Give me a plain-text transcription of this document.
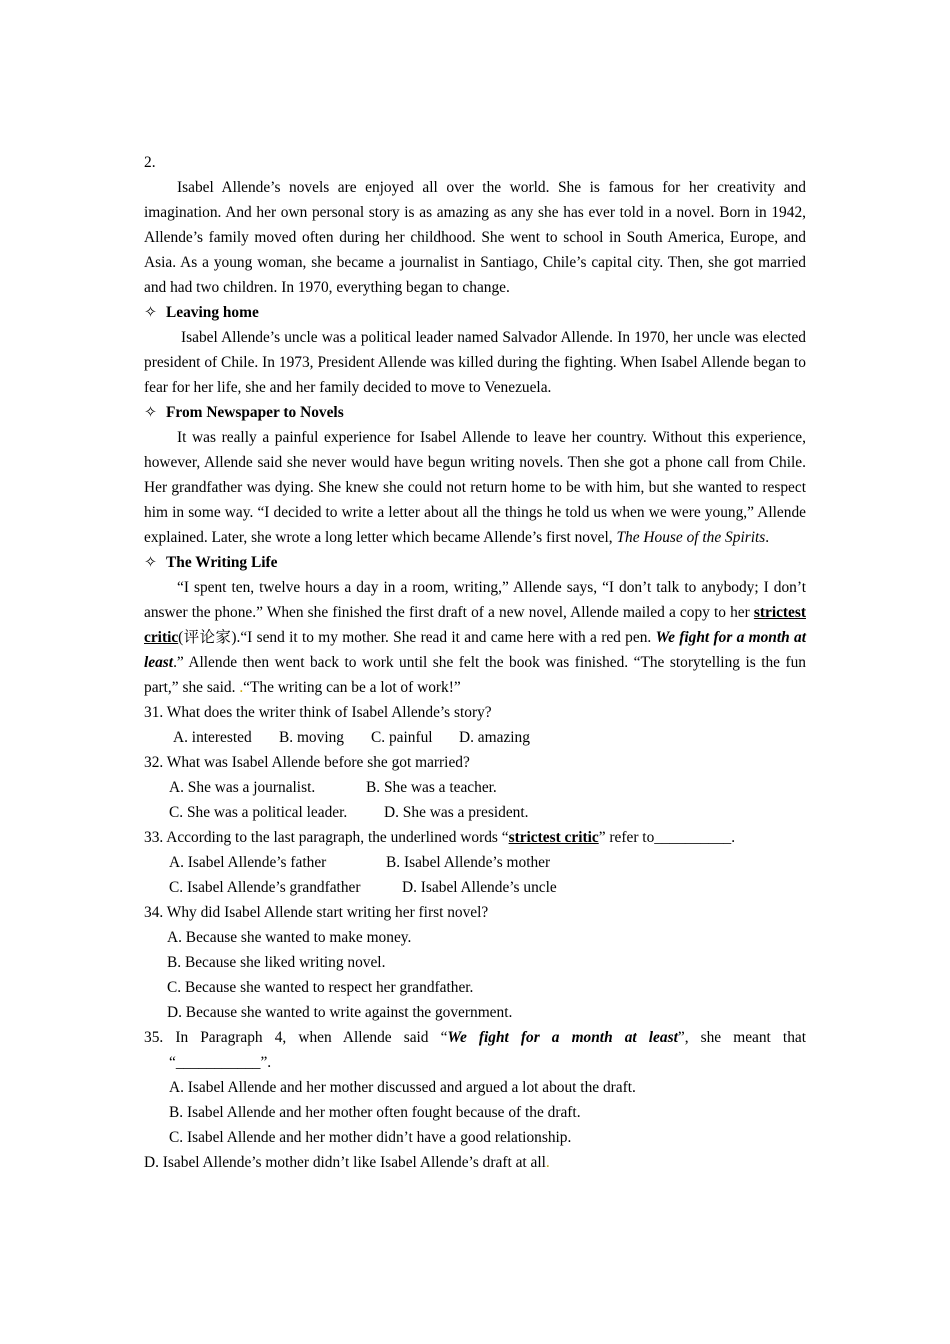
2.

Isabel Allende’s novels are enjoyed all over the world. She is famous for her creativity and imagination. And her own personal story is as amazing as any she has ever told in a novel. Born in 1942, Allende’s family moved often during her childhood. She went to school in South America, Europe, and Asia. As a young woman, she became a journalist in Santiago, Chile’s capital city. Then, she got married and had two children. In 1970, everything began to change.

✧ Leaving home

Isabel Allende’s uncle was a political leader named Salvador Allende. In 1970, her uncle was elected president of Chile. In 1973, President Allende was killed during the fighting. When Isabel Allende began to fear for her life, she and her family decided to move to Venezuela.

✧ From Newspaper to Novels

It was really a painful experience for Isabel Allende to leave her country. Without this experience, however, Allende said she never would have begun writing novels. Then she got a phone call from Chile. Her grandfather was dying. She knew she could not return home to be with him, but she wanted to respect him in some way. “I decided to write a letter about all the things he told us when we were young,” Allende explained. Later, she wrote a long letter which became Allende’s first novel, The House of the Spirits.

✧ The Writing Life

“I spent ten, twelve hours a day in a room, writing,” Allende says, “I don’t talk to anybody; I don’t answer the phone.” When she finished the first draft of a new novel, Allende mailed a copy to her strictest critic(评论家).“I send it to my mother. She read it and came here with a red pen. We fight for a month at least.” Allende then went back to work until she felt the book was finished. “The storytelling is the fun part,” she said. .“The writing can be a lot of work!”

31. What does the writer think of Isabel Allende’s story?

A. interested B. moving C. painful D. amazing

32. What was Isabel Allende before she got married?

A. She was a journalist.	B. She was a teacher.

C. She was a political leader. D. She was a president.

33. According to the last paragraph, the underlined words “strictest critic” refer to__________.

A. Isabel Allende’s father	B. Isabel Allende’s mother

C. Isabel Allende’s grandfather	D. Isabel Allende’s uncle

34. Why did Isabel Allende start writing her first novel?

A. Because she wanted to make money.

B. Because she liked writing novel.

C. Because she wanted to respect her grandfather.

D. Because she wanted to write against the government.

35. In Paragraph 4, when Allende said “We fight for a month at least”, she meant that

“___________”.

A. Isabel Allende and her mother discussed and argued a lot about the draft.

B. Isabel Allende and her mother often fought because of the draft.

C. Isabel Allende and her mother didn’t have a good relationship.

D. Isabel Allende’s mother didn’t like Isabel Allende’s draft at all.
